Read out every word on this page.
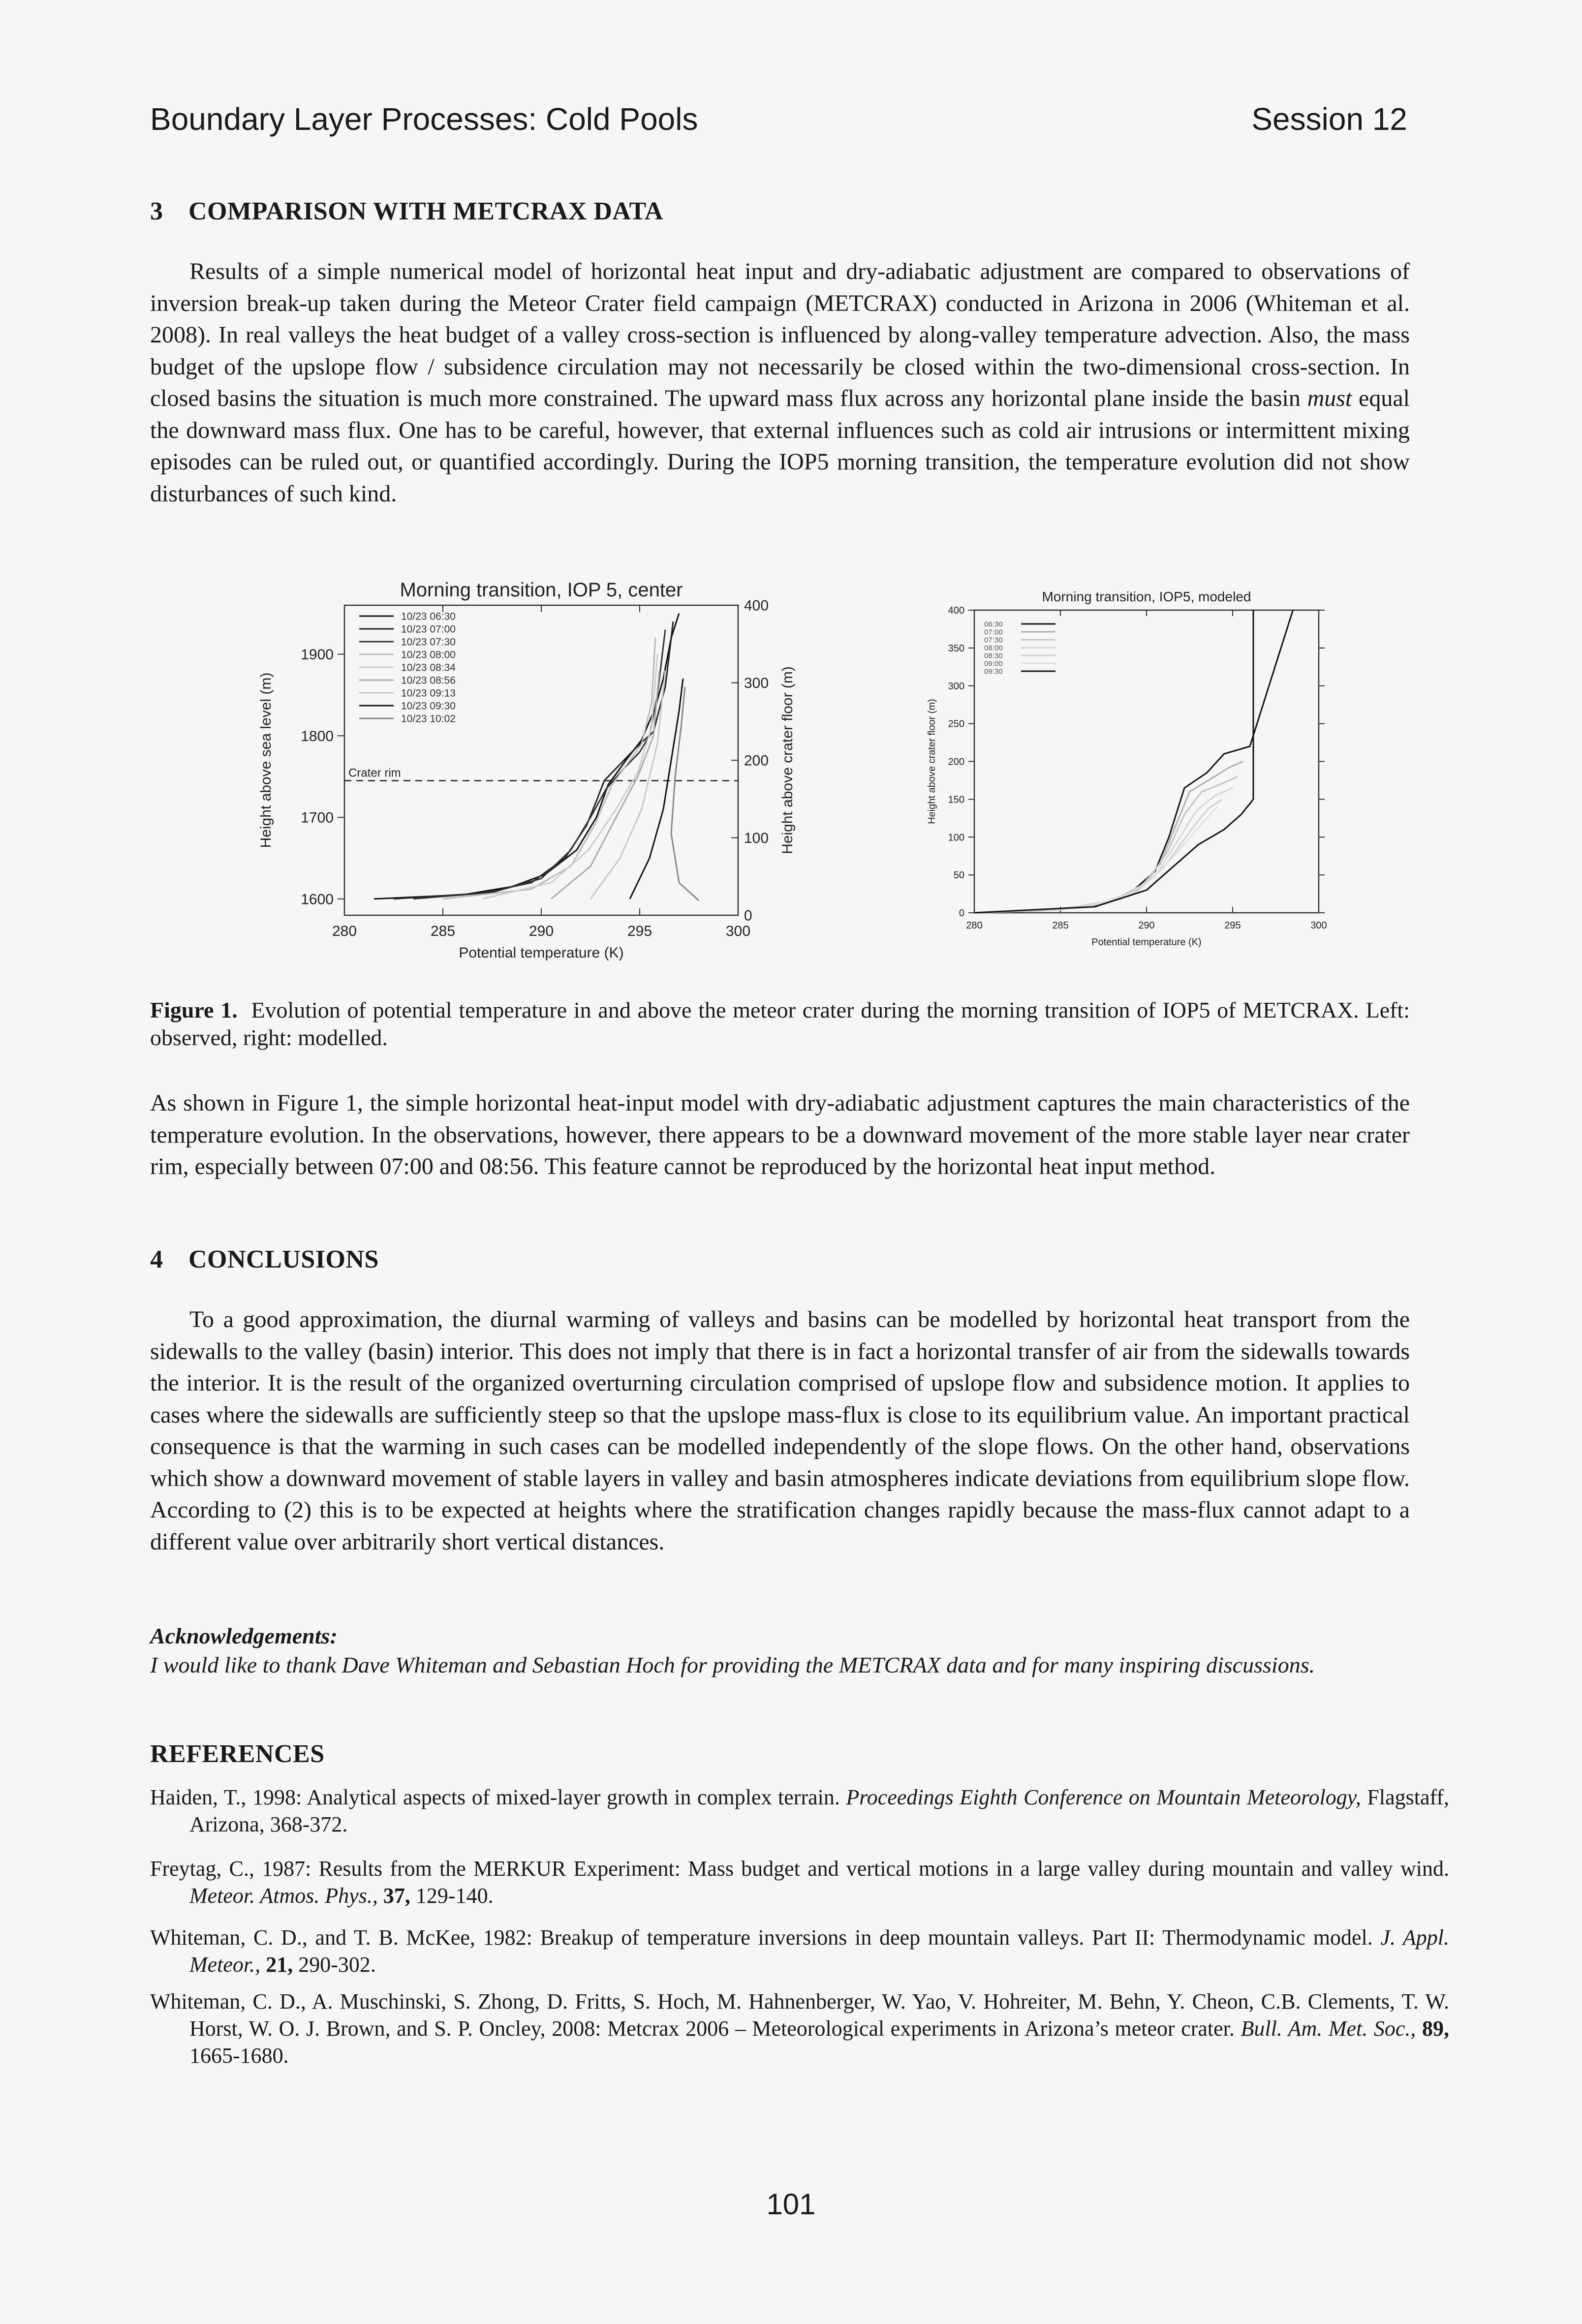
Boundary Layer Processes: Cold Pools	Session 12
3 COMPARISON WITH METCRAX DATA
Results of a simple numerical model of horizontal heat input and dry-adiabatic adjustment are compared to observations of inversion break-up taken during the Meteor Crater field campaign (METCRAX) conducted in Arizona in 2006 (Whiteman et al. 2008). In real valleys the heat budget of a valley cross-section is influenced by along-valley temperature advection. Also, the mass budget of the upslope flow / subsidence circulation may not necessarily be closed within the two-dimensional cross-section. In closed basins the situation is much more constrained. The upward mass flux across any horizontal plane inside the basin must equal the downward mass flux. One has to be careful, however, that external influences such as cold air intrusions or intermittent mixing episodes can be ruled out, or quantified accordingly. During the IOP5 morning transition, the temperature evolution did not show disturbances of such kind.
Morning transition, IOP 5, center
280	285	290	295	300
1600
1700
1800
1900
0
100
200
300
400
Height above crater floor (m)
Potential temperature (K)
Height above sea level (m)	Crater rim
10/23 06:30
10/23 07:00
10/23 07:30
10/23 08:00
10/23 08:34
10/23 08:56
10/23 09:13
10/23 09:30
10/23 10:02
Morning transition, IOP5, modeled
280	285	290	295	300
0
50
100
150
200
250
300
350
400
Potential temperature (K)
Height above crater floor (m)
06:30
07:00
07:30
08:00
08:30
09:00
09:30
Figure 1. Evolution of potential temperature in and above the meteor crater during the morning transition of IOP5 of METCRAX. Left: observed, right: modelled.
As shown in Figure 1, the simple horizontal heat-input model with dry-adiabatic adjustment captures the main characteristics of the temperature evolution. In the observations, however, there appears to be a downward movement of the more stable layer near crater rim, especially between 07:00 and 08:56. This feature cannot be reproduced by the horizontal heat input method.
4 CONCLUSIONS
To a good approximation, the diurnal warming of valleys and basins can be modelled by horizontal heat transport from the sidewalls to the valley (basin) interior. This does not imply that there is in fact a horizontal transfer of air from the sidewalls towards the interior. It is the result of the organized overturning circulation comprised of upslope flow and subsidence motion. It applies to cases where the sidewalls are sufficiently steep so that the upslope mass-flux is close to its equilibrium value. An important practical consequence is that the warming in such cases can be modelled independently of the slope flows. On the other hand, observations which show a downward movement of stable layers in valley and basin atmospheres indicate deviations from equilibrium slope flow. According to (2) this is to be expected at heights where the stratification changes rapidly because the mass-flux cannot adapt to a different value over arbitrarily short vertical distances.
Acknowledgements:
I would like to thank Dave Whiteman and Sebastian Hoch for providing the METCRAX data and for many inspiring discussions.
REFERENCES
Haiden, T., 1998: Analytical aspects of mixed-layer growth in complex terrain. Proceedings Eighth Conference on Mountain Meteorology, Flagstaff, Arizona, 368-372.
Freytag, C., 1987: Results from the MERKUR Experiment: Mass budget and vertical motions in a large valley during mountain and valley wind. Meteor. Atmos. Phys., 37, 129-140.
Whiteman, C. D., and T. B. McKee, 1982: Breakup of temperature inversions in deep mountain valleys. Part II: Thermodynamic model. J. Appl. Meteor., 21, 290-302.
Whiteman, C. D., A. Muschinski, S. Zhong, D. Fritts, S. Hoch, M. Hahnenberger, W. Yao, V. Hohreiter, M. Behn, Y. Cheon, C.B. Clements, T. W. Horst, W. O. J. Brown, and S. P. Oncley, 2008: Metcrax 2006 – Meteorological experiments in Arizona’s meteor crater. Bull. Am. Met. Soc., 89, 1665-1680.
101
